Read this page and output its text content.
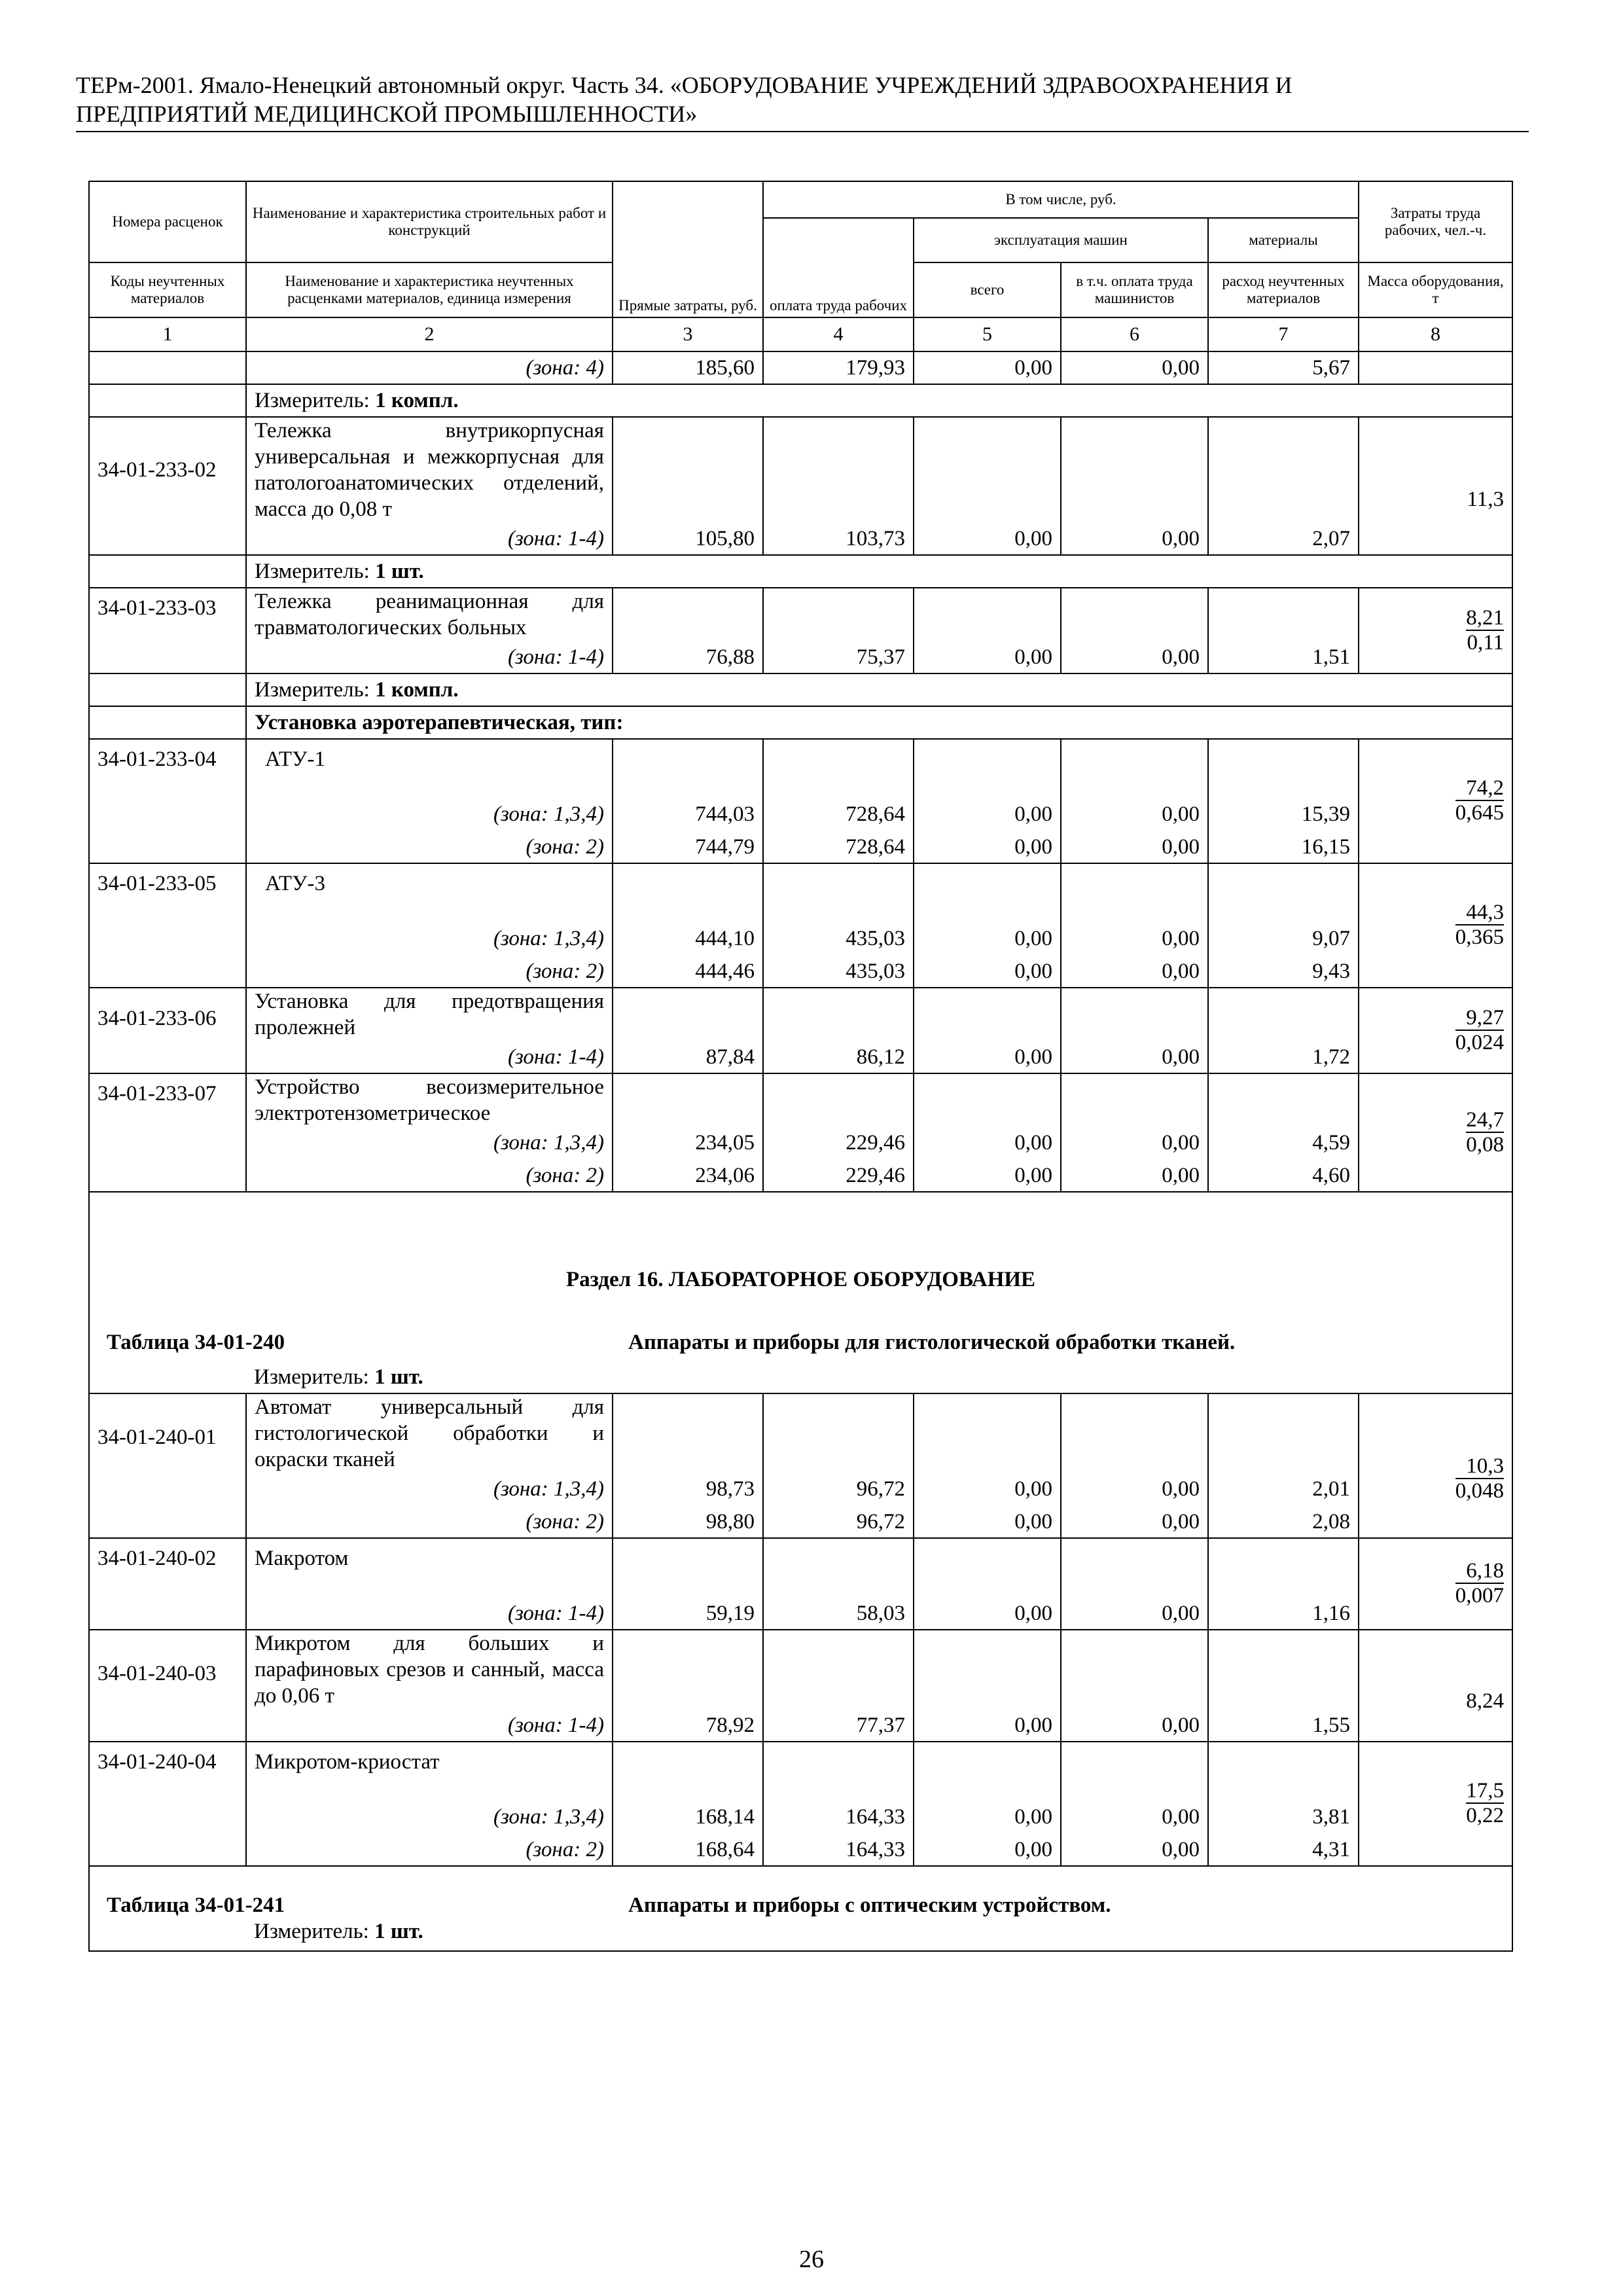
ТЕРм-2001. Ямало-Ненецкий автономный округ. Часть 34. «ОБОРУДОВАНИЕ УЧРЕЖДЕНИЙ ЗДРАВООХРАНЕНИЯ И
ПРЕДПРИЯТИЙ МЕДИЦИНСКОЙ ПРОМЫШЛЕННОСТИ»
Номера расценок	Наименование и характеристика строительных работ и конструкций	Прямые затраты, руб.	В том числе, руб.				Затраты труда рабочих, чел.-ч.
			оплата труда рабочих	эксплуатация машин		материалы	
Коды неучтенных материалов	Наименование и характеристика неучтенных расценками материалов, единица измерения			всего	в т.ч. оплата труда машинистов	расход неучтенных материалов	Масса оборудования, т
1	2	3	4	5	6	7	8
	(зона: 4)	185,60	179,93	0,00	0,00	5,67	
	Измеритель: 1 компл.						
34-01-233-02	Тележка внутрикорпусная универсальная и межкорпусная для патологоанатомических отделений, масса до 0,08 т						11,3
	(зона: 1-4)	105,80	103,73	0,00	0,00	2,07	
	Измеритель: 1 шт.						
34-01-233-03	Тележка реанимационная для травматологических больных						$\frac{8,21}{0,11}$

	(зона: 1-4)	76,88	75,37	0,00	0,00	1,51	
	Измеритель: 1 компл.						
	Установка аэротерапевтическая, тип:						
34-01-233-04	АТУ-1						$\frac{74,2}{0,645}$

	(зона: 1,3,4)	744,03	728,64	0,00	0,00	15,39	
	(зона: 2)	744,79	728,64	0,00	0,00	16,15	
34-01-233-05	АТУ-3						$\frac{44,3}{0,365}$

	(зона: 1,3,4)	444,10	435,03	0,00	0,00	9,07	
	(зона: 2)	444,46	435,03	0,00	0,00	9,43	
34-01-233-06	Установка для предотвращения пролежней						$\frac{9,27}{0,024}$

	(зона: 1-4)	87,84	86,12	0,00	0,00	1,72	
34-01-233-07	Устройство весоизмерительное электротензометрическое						$\frac{24,7}{0,08}$

	(зона: 1,3,4)	234,05	229,46	0,00	0,00	4,59	
	(зона: 2)	234,06	229,46	0,00	0,00	4,60	
Раздел 16. ЛАБОРАТОРНОЕ ОБОРУДОВАНИЕ							
Таблица 34-01-240		Аппараты и приборы для гистологической обработки тканей.					

	Измеритель: 1 шт.						
34-01-240-01	Автомат универсальный для гистологической обработки и окраски тканей						$\frac{10,3}{0,048}$

	(зона: 1,3,4)	98,73	96,72	0,00	0,00	2,01	
	(зона: 2)	98,80	96,72	0,00	0,00	2,08	
34-01-240-02	Макротом						$\frac{6,18}{0,007}$

	(зона: 1-4)	59,19	58,03	0,00	0,00	1,16	
34-01-240-03	Микротом для больших и парафиновых срезов и санный, масса до 0,06 т						8,24
	(зона: 1-4)	78,92	77,37	0,00	0,00	1,55	
34-01-240-04	Микротом-криостат						$\frac{17,5}{0,22}$

	(зона: 1,3,4)	168,14	164,33	0,00	0,00	3,81	
	(зона: 2)	168,64	164,33	0,00	0,00	4,31	
Таблица 34-01-241		Аппараты и приборы с оптическим устройством.					
	Измеритель: 1 шт.						
26
